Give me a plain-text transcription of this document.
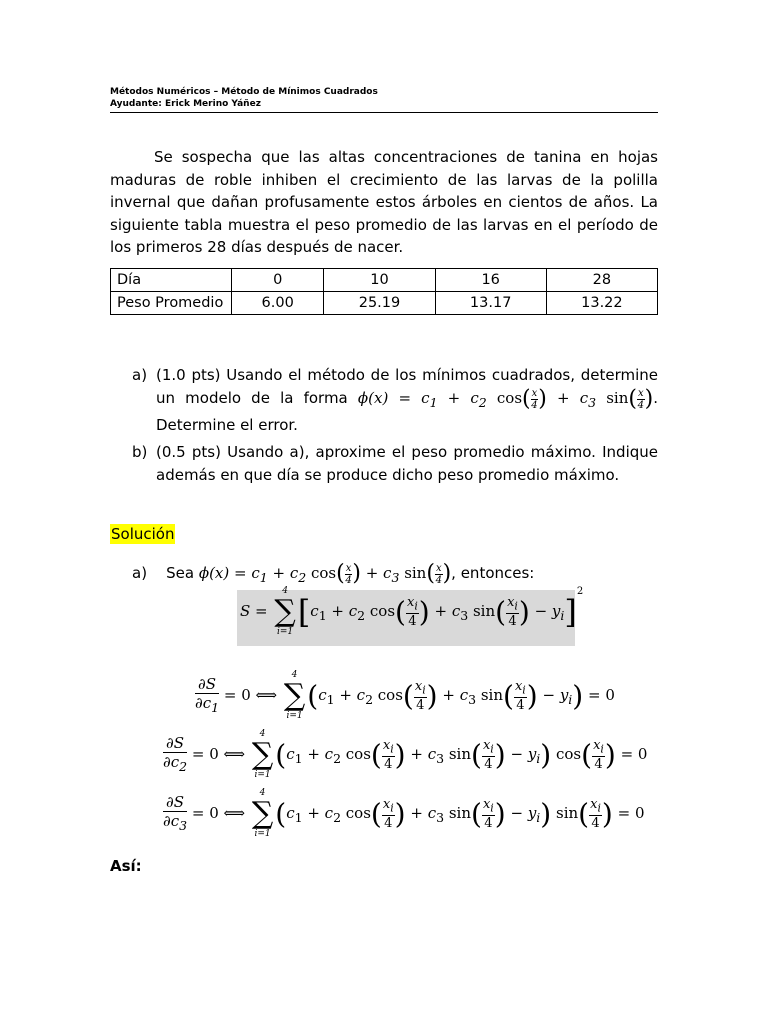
Métodos Numéricos – Método de Mínimos Cuadrados
Ayudante: Erick Merino Yáñez
Se sospecha que las altas concentraciones de tanina en hojas maduras de roble inhiben el crecimiento de las larvas de la polilla invernal que dañan profusamente estos árboles en cientos de años. La siguiente tabla muestra el peso promedio de las larvas en el período de los primeros 28 días después de nacer.
Día	0	10	16	28
Peso Promedio	6.00	25.19	13.17	13.22
a) (1.0 pts) Usando el método de los mínimos cuadrados, determine un modelo de la forma $\phi(x) = c_1 + c_2$ $\cos( \frac{x}{4}$ ) + $c_3$ $\sin( \frac{x}{4}$ ). Determine el error.
b) (0.5 pts) Usando a), aproxime el peso promedio máximo. Indique además en que día se produce dicho peso promedio máximo.
Solución
a) Sea $\phi(x) = c_1 + c_2$ $\cos( \frac{x}{4}$ ) + $c_3$ $\sin( \frac{x}{4}$ ), entonces:
S =
4
∑
i=1
[$c_1 + c_2$ $\cos( \frac{x_i}{4}$ ) + $c_3$ $\sin( \frac{x_i}{4}$ ) − $y_i]^2$
$\frac{\partial S}{\partial c_1} = 0$ ⟺
4
∑
i=1
($c_1 + c_2$ $\cos( \frac{x_i}{4}$ ) + $c_3$ $\sin( \frac{x_i}{4}$ ) − $y_i) = 0$
$\frac{\partial S}{\partial c_2} = 0$ ⟺
4
∑
i=1
($c_1 + c_2$ $\cos( \frac{x_i}{4}$ ) + $c_3$ $\sin( \frac{x_i}{4}$ ) − $y_i$) $\cos( \frac{x_i}{4}$ ) = 0
$\frac{\partial S}{\partial c_3} = 0$ ⟺
4
∑
i=1
($c_1 + c_2$ $\cos( \frac{x_i}{4}$ ) + $c_3$ $\sin( \frac{x_i}{4}$ ) − $y_i$) $\sin( \frac{x_i}{4}$ ) = 0
Así:
